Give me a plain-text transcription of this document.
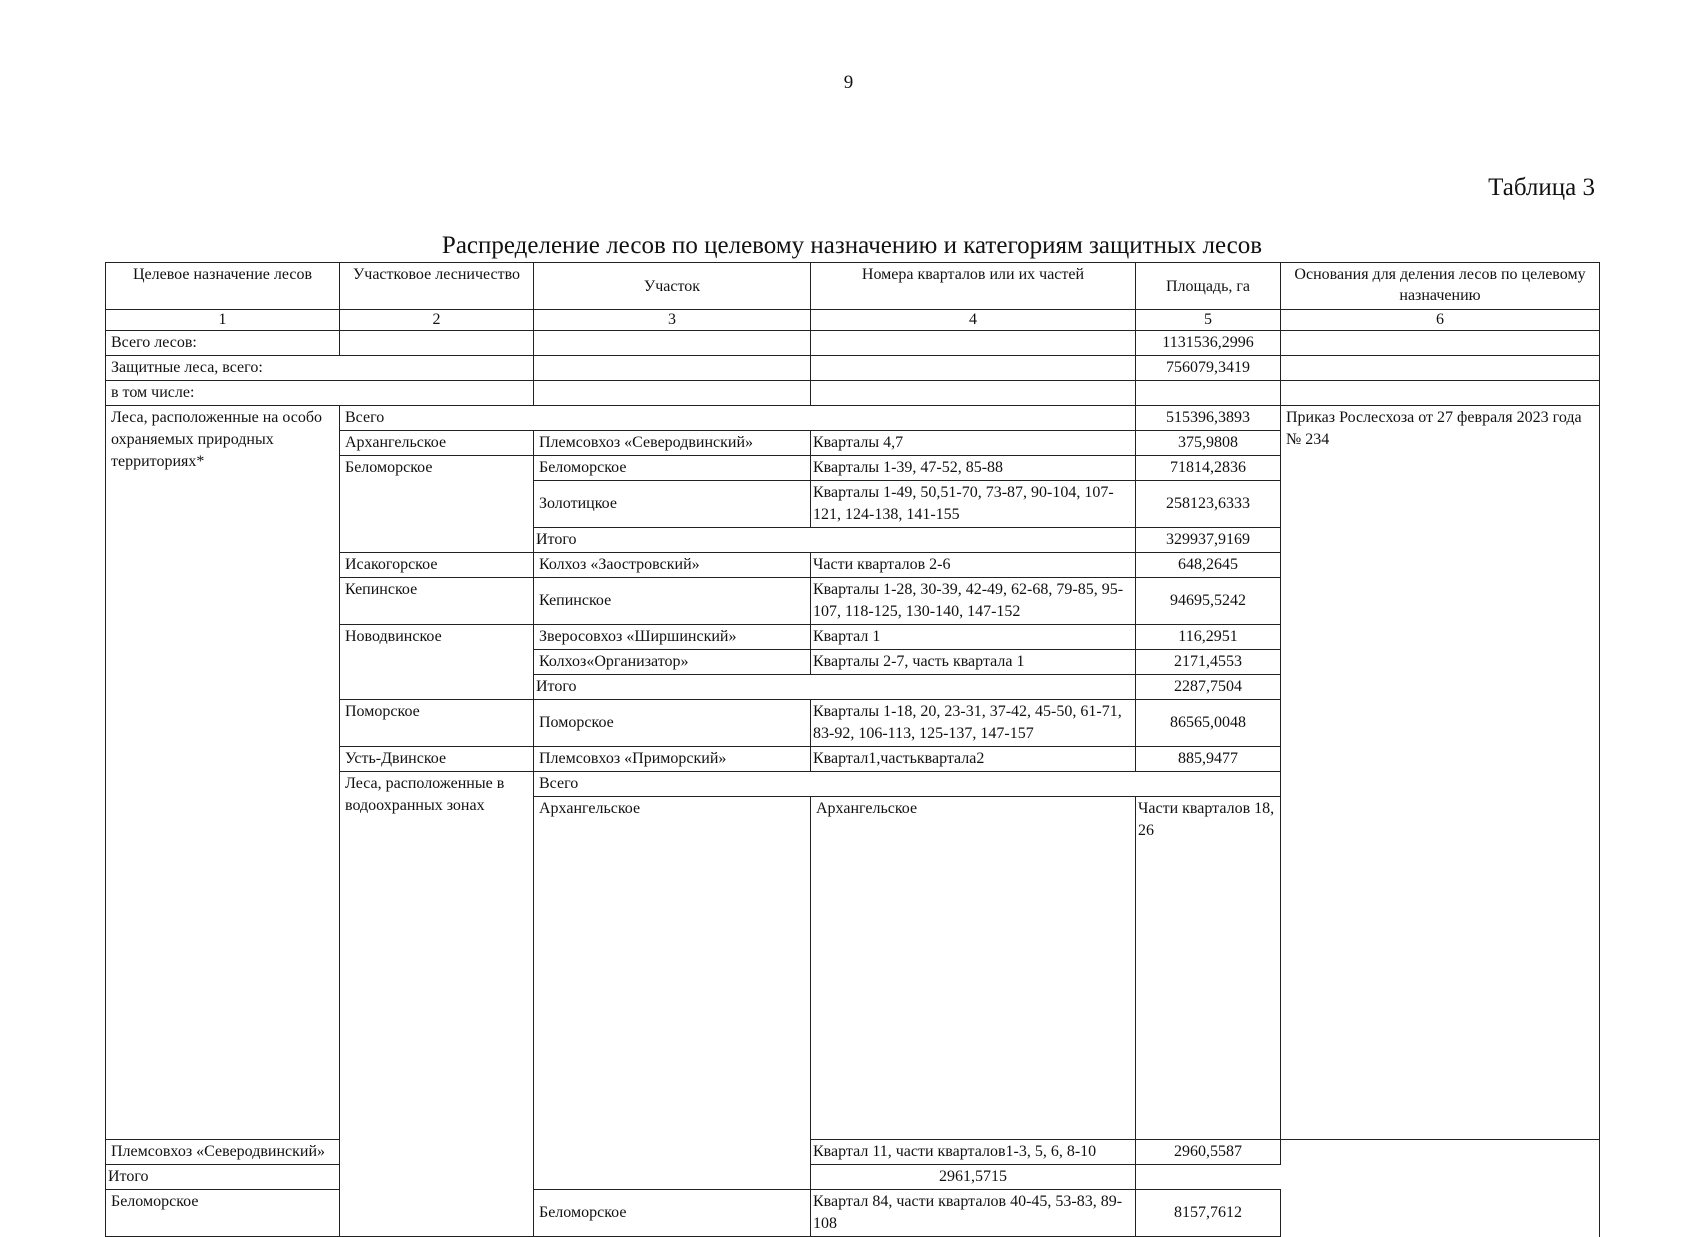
9
Таблица 3
Распределение лесов по целевому назначению и категориям защитных лесов
Целевое назначение лесов	Участковое лесничество	Участок	Номера кварталов или их частей	Площадь, га	Основания для деления лесов по целевому назначению	
1	2	3	4	5	6	
Всего лесов:				1131536,2996		
Защитные леса, всего:				756079,3419		
в том числе:						
Леса, расположенные на особо охраняемых природных территориях*	Всего			515396,3893	Приказ Рослесхоза от 27 февраля 2023 года № 234	
	Архангельское	Племсовхоз «Северодвинский»	Кварталы 4,7	375,9808		
	Беломорское	Беломорское	Кварталы 1-39, 47-52, 85-88	71814,2836		
		Золотицкое	Кварталы 1-49, 50,51-70, 73-87, 90-104, 107-121, 124-138, 141-155	258123,6333		
		Итого		329937,9169		
	Исакогорское	Колхоз «Заостровский»	Части кварталов 2-6	648,2645		
	Кепинское	Кепинское	Кварталы 1-28, 30-39, 42-49, 62-68, 79-85, 95-107, 118-125, 130-140, 147-152	94695,5242		
	Новодвинское	Зверосовхоз «Ширшинский»	Квартал 1	116,2951		
		Колхоз«Организатор»	Кварталы 2-7, часть квартала 1	2171,4553		
		Итого		2287,7504		
	Поморское	Поморское	Кварталы 1-18, 20, 23-31, 37-42, 45-50, 61-71, 83-92, 106-113, 125-137, 147-157	86565,0048		
	Усть-Двинское	Племсовхоз «Приморский»	Квартал1,частьквартала2	885,9477		
	Леса, расположенные в водоохранных зонах	Всего		
		Архангельское	Архангельское	Части кварталов 18, 26	
Племсовхоз «Северодвинский»			Квартал 11, части кварталов1-3, 5, 6, 8-10	2960,5587		
Итого			2961,5715			
Беломорское		Беломорское	Квартал 84, части кварталов 40-45, 53-83, 89-108	8157,7612		
